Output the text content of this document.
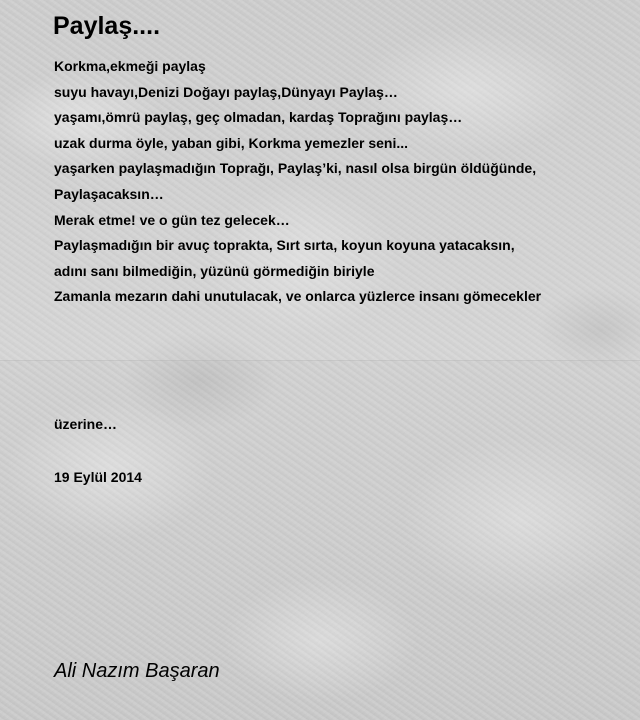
Paylaş....
Korkma,ekmeği paylaş
suyu havayı,Denizi Doğayı paylaş,Dünyayı Paylaş…
yaşamı,ömrü paylaş, geç olmadan, kardaş Toprağını paylaş…
uzak durma öyle, yaban gibi, Korkma yemezler seni...
yaşarken paylaşmadığın Toprağı, Paylaş’ki, nasıl olsa birgün öldüğünde,
Paylaşacaksın…
Merak etme! ve o gün tez gelecek…
Paylaşmadığın bir avuç toprakta, Sırt sırta, koyun koyuna yatacaksın,
adını sanı bilmediğin, yüzünü görmediğin biriyle
Zamanla mezarın dahi unutulacak, ve onlarca yüzlerce insanı gömecekler
üzerine…
19 Eylül 2014
Ali Nazım Başaran
